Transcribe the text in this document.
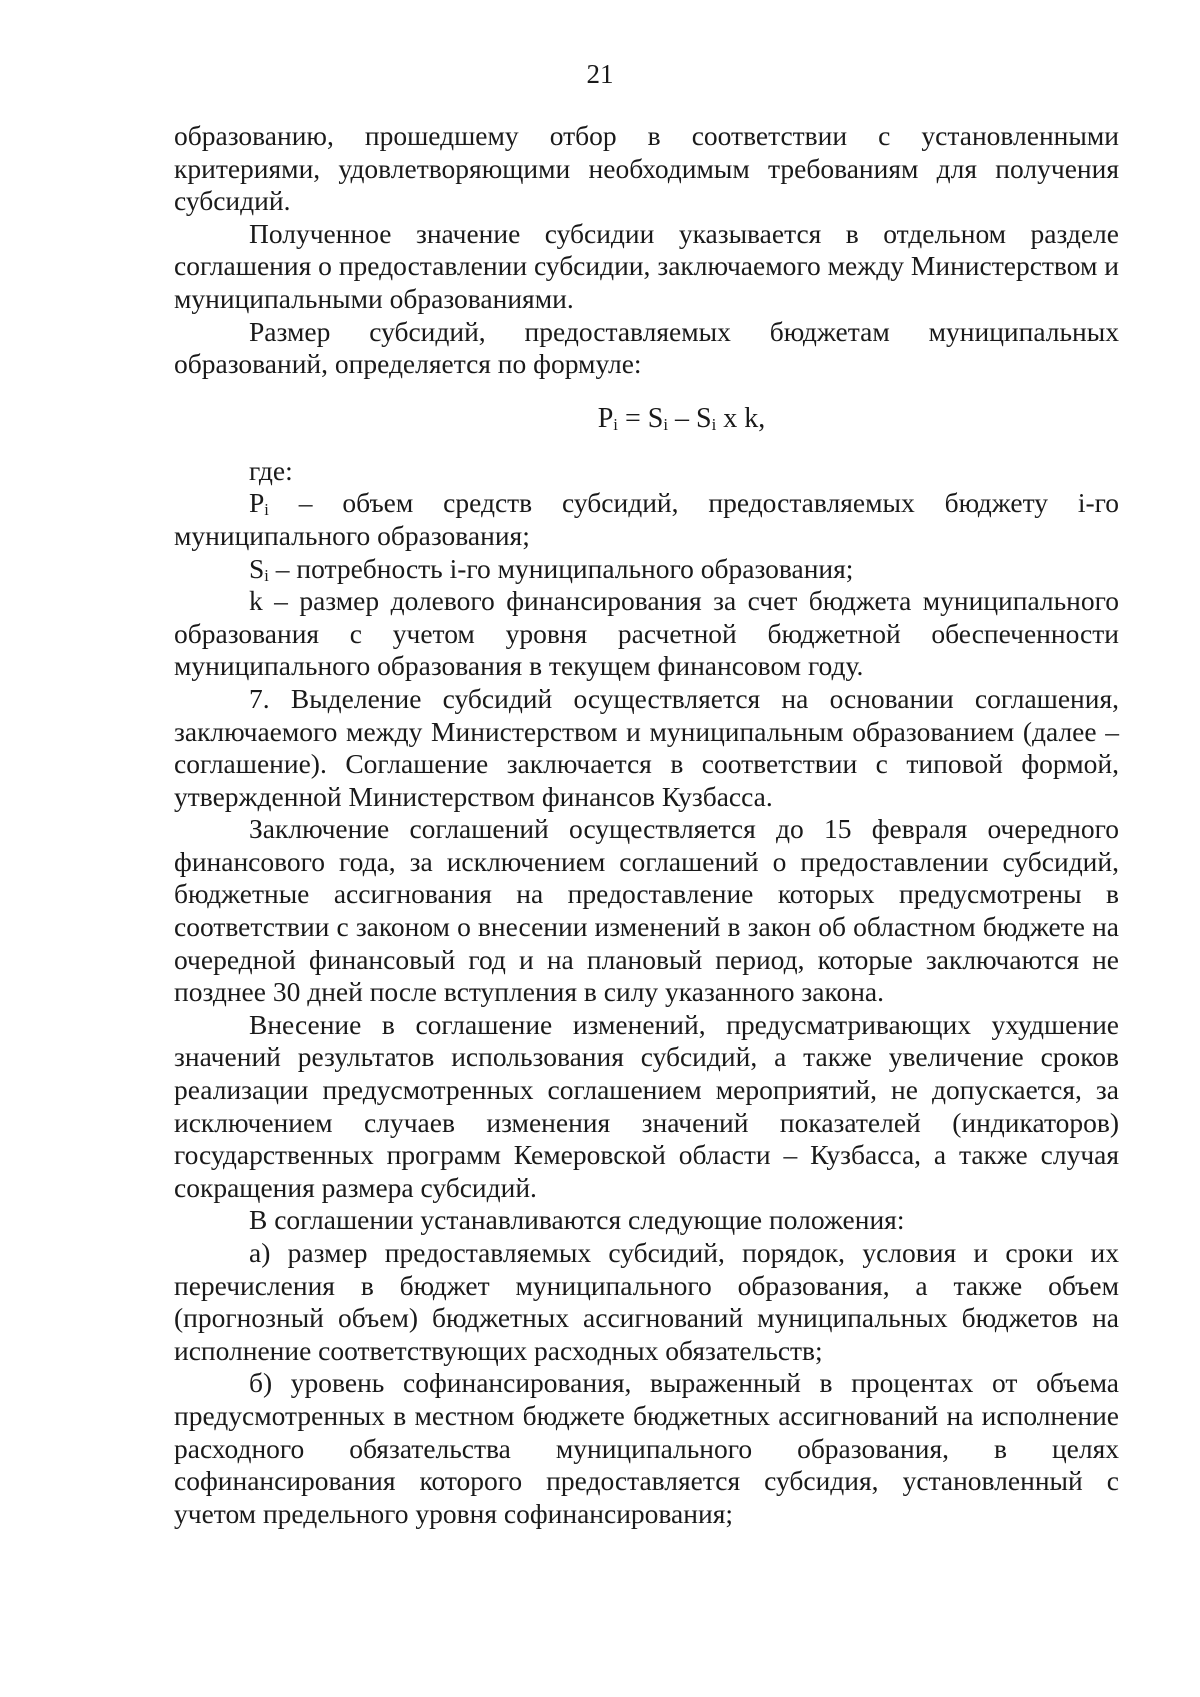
21

образованию, прошедшему отбор в соответствии с установленными критериями, удовлетворяющими необходимым требованиям для получения субсидий.

Полученное значение субсидии указывается в отдельном разделе соглашения о предоставлении субсидии, заключаемого между Министерством и муниципальными образованиями.

Размер субсидий, предоставляемых бюджетам муниципальных образований, определяется по формуле:

$P_i = S_i - S_i$ x k,

где:

$P_i$ – объем средств субсидий, предоставляемых бюджету i-го муниципального образования;

$S_i$ – потребность i-го муниципального образования;

k – размер долевого финансирования за счет бюджета муниципального образования с учетом уровня расчетной бюджетной обеспеченности муниципального образования в текущем финансовом году.

7. Выделение субсидий осуществляется на основании соглашения, заключаемого между Министерством и муниципальным образованием (далее – соглашение). Соглашение заключается в соответствии с типовой формой, утвержденной Министерством финансов Кузбасса.

Заключение соглашений осуществляется до 15 февраля очередного финансового года, за исключением соглашений о предоставлении субсидий, бюджетные ассигнования на предоставление которых предусмотрены в соответствии с законом о внесении изменений в закон об областном бюджете на очередной финансовый год и на плановый период, которые заключаются не позднее 30 дней после вступления в силу указанного закона.

Внесение в соглашение изменений, предусматривающих ухудшение значений результатов использования субсидий, а также увеличение сроков реализации предусмотренных соглашением мероприятий, не допускается, за исключением случаев изменения значений показателей (индикаторов) государственных программ Кемеровской области – Кузбасса, а также случая сокращения размера субсидий.

В соглашении устанавливаются следующие положения:

а) размер предоставляемых субсидий, порядок, условия и сроки их перечисления в бюджет муниципального образования, а также объем (прогнозный объем) бюджетных ассигнований муниципальных бюджетов на исполнение соответствующих расходных обязательств;

б) уровень софинансирования, выраженный в процентах от объема предусмотренных в местном бюджете бюджетных ассигнований на исполнение расходного обязательства муниципального образования, в целях софинансирования которого предоставляется субсидия, установленный с учетом предельного уровня софинансирования;
